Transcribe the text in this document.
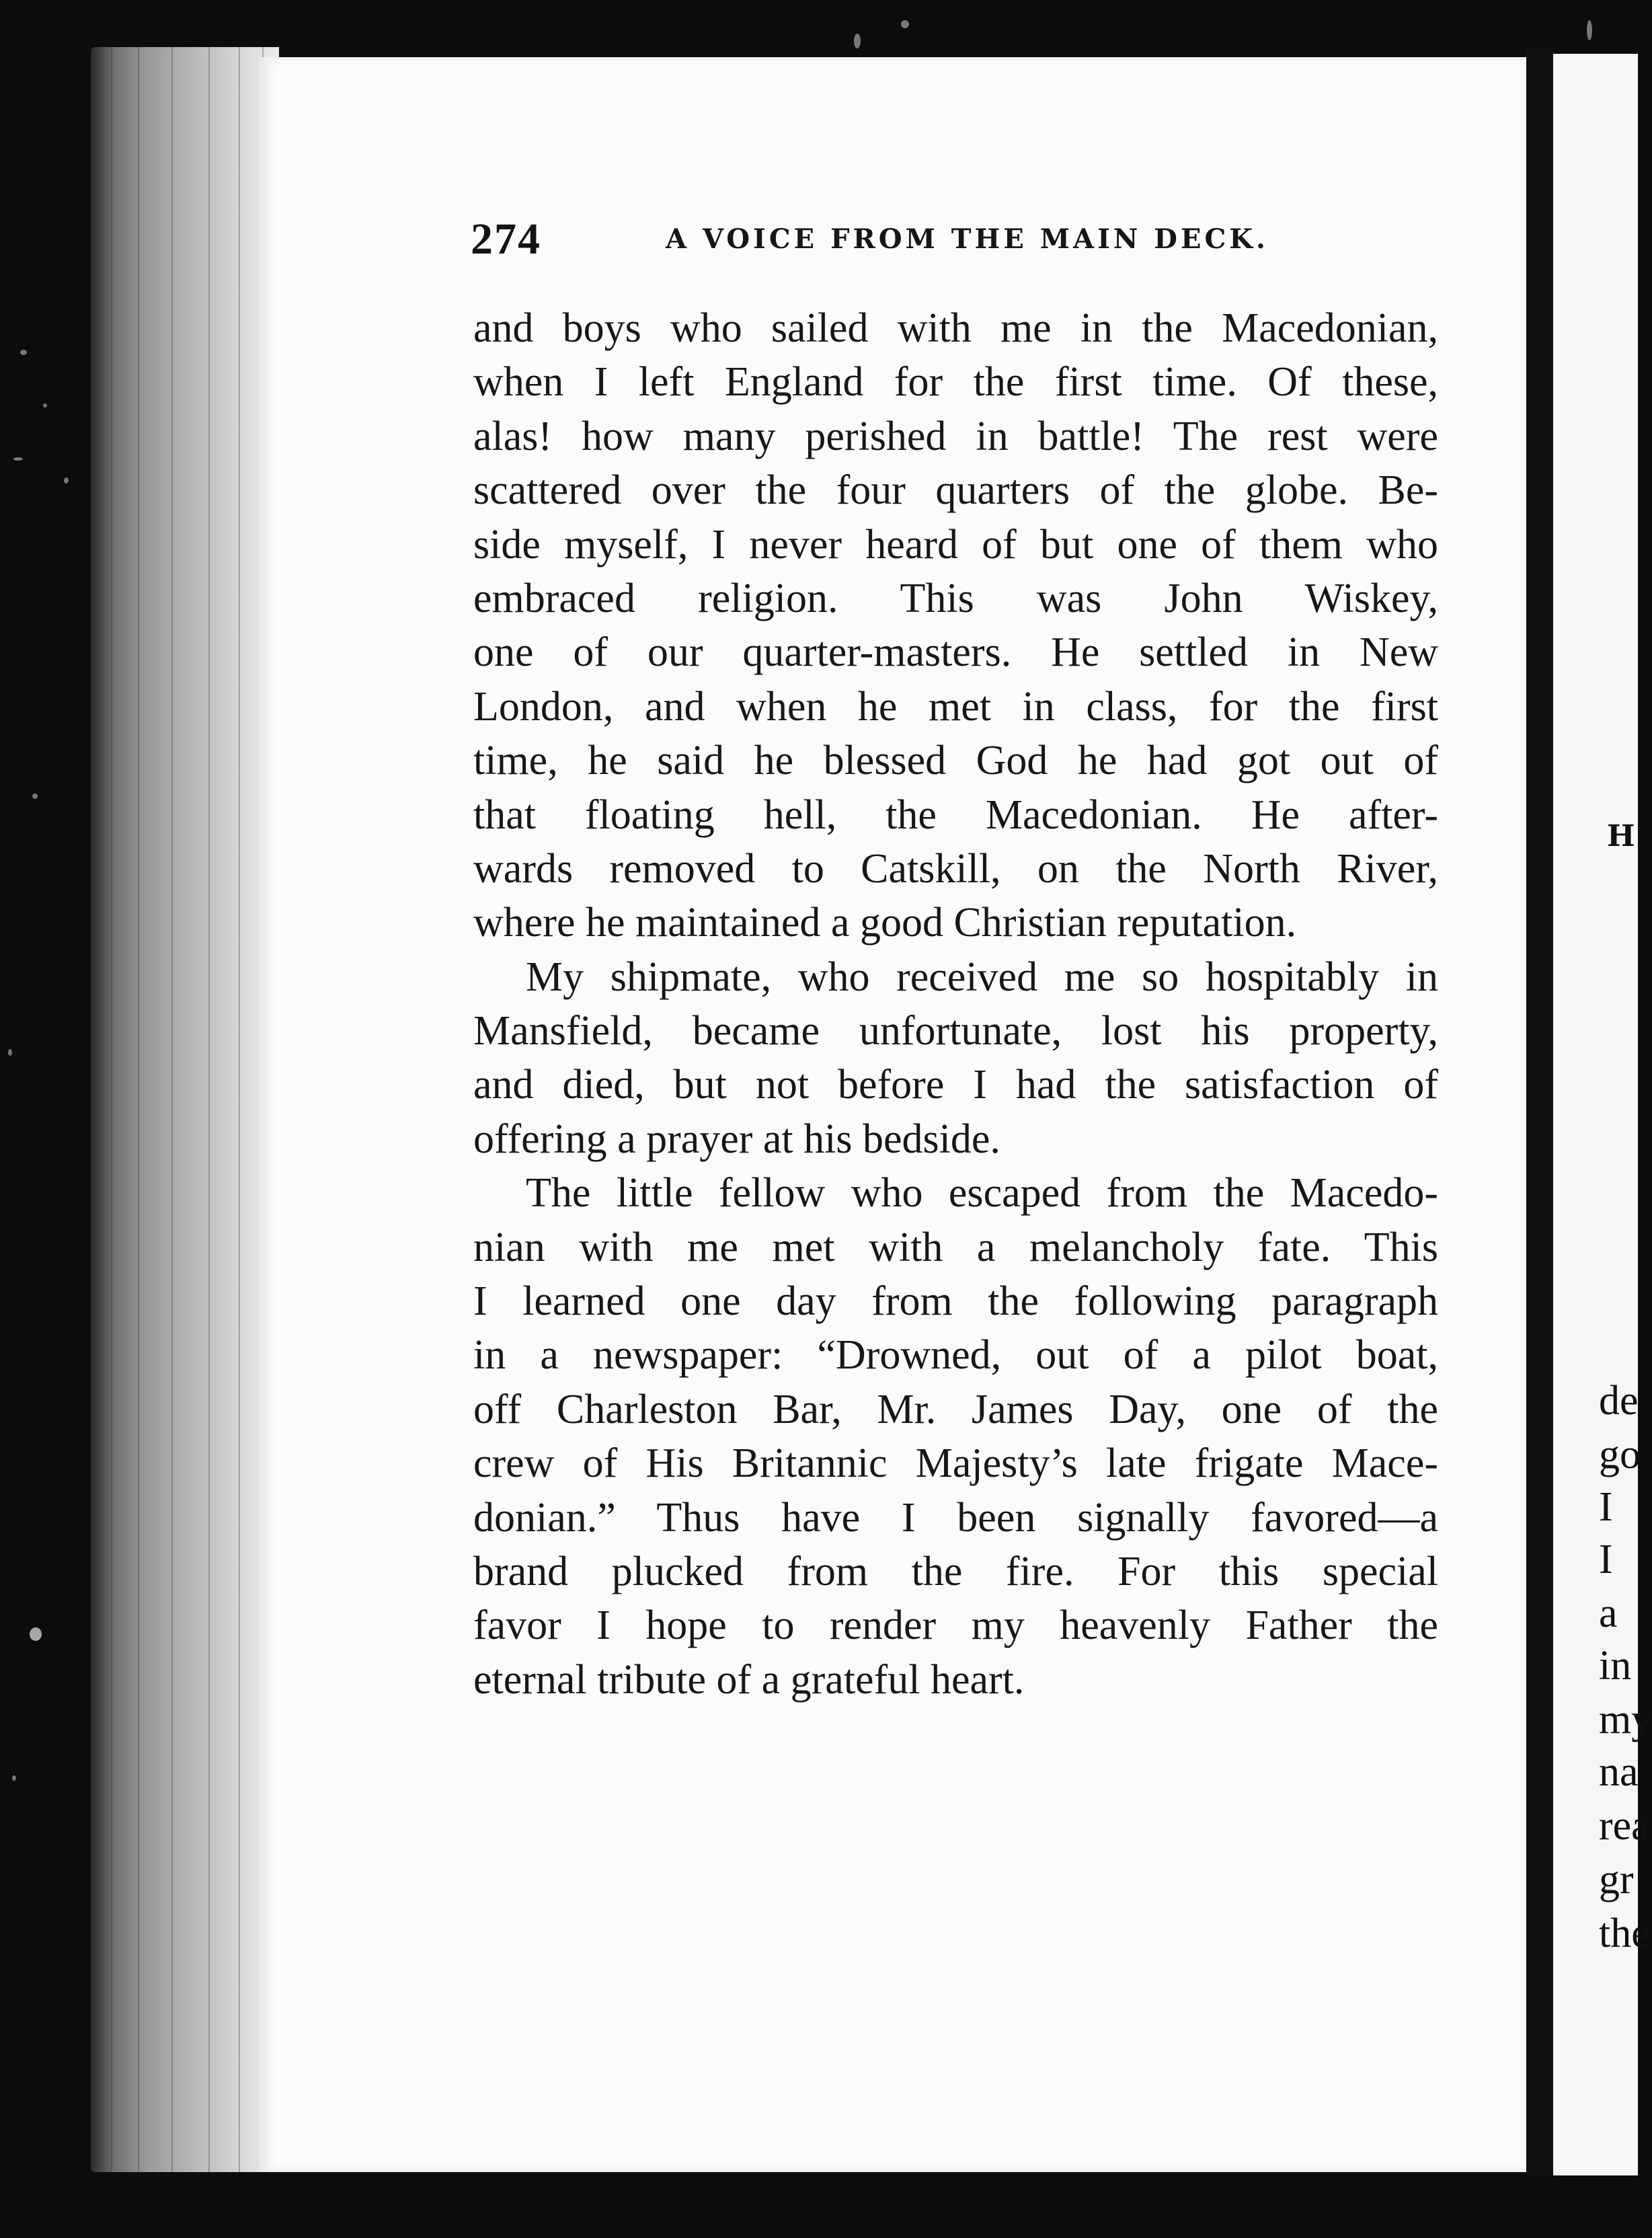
274	A VOICE FROM THE MAIN DECK.
and boys who sailed with me in the Macedonian,
when I left England for the first time. Of these,
alas! how many perished in battle! The rest were
scattered over the four quarters of the globe. Be-
side myself, I never heard of but one of them who
embraced religion. This was John Wiskey,
one of our quarter-masters. He settled in New
London, and when he met in class, for the first
time, he said he blessed God he had got out of
that floating hell, the Macedonian. He after-
wards removed to Catskill, on the North River,
where he maintained a good Christian reputation.
My shipmate, who received me so hospitably in
Mansfield, became unfortunate, lost his property,
and died, but not before I had the satisfaction of
offering a prayer at his bedside.
The little fellow who escaped from the Macedo-
nian with me met with a melancholy fate. This
I learned one day from the following paragraph
in a newspaper: “Drowned, out of a pilot boat,
off Charleston Bar, Mr. James Day, one of the
crew of His Britannic Majesty’s late frigate Mace-
donian.” Thus have I been signally favored—a
brand plucked from the fire. For this special
favor I hope to render my heavenly Father the
eternal tribute of a grateful heart.
H
de
go
I
I
a
in
my
na
rea
gr
the
